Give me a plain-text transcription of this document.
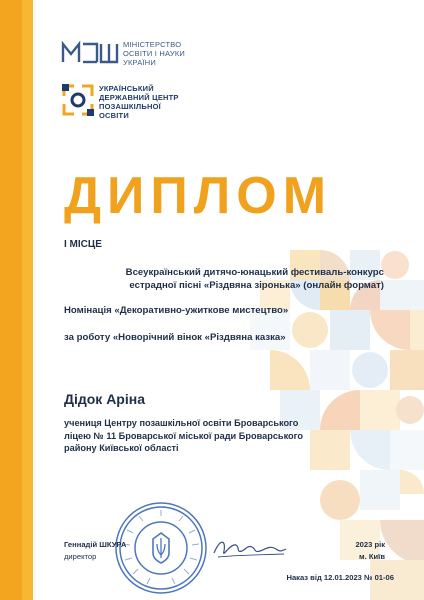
МІНІСТЕРСТВО
ОСВІТИ І НАУКИ
УКРАЇНИ
УКРАЇНСЬКИЙ
ДЕРЖАВНИЙ ЦЕНТР
ПОЗАШКІЛЬНОЇ
ОСВІТИ
ДИПЛОМ
І МІСЦЕ
Всеукраїнський дитячо-юнацький фестиваль-конкурс
естрадної пісні «Різдвяна зіронька» (онлайн формат)
Номінація «Декоративно-ужиткове мистецтво»
за роботу «Новорічний вінок «Різдвяна казка»
Дідок Аріна
учениця Центру позашкільної освіти Броварського
ліцею № 11 Броварської міської ради Броварського
району Київської області
Геннадій ШКУРА
директор
2023 рік
м. Київ
Наказ від 12.01.2023 № 01-06
